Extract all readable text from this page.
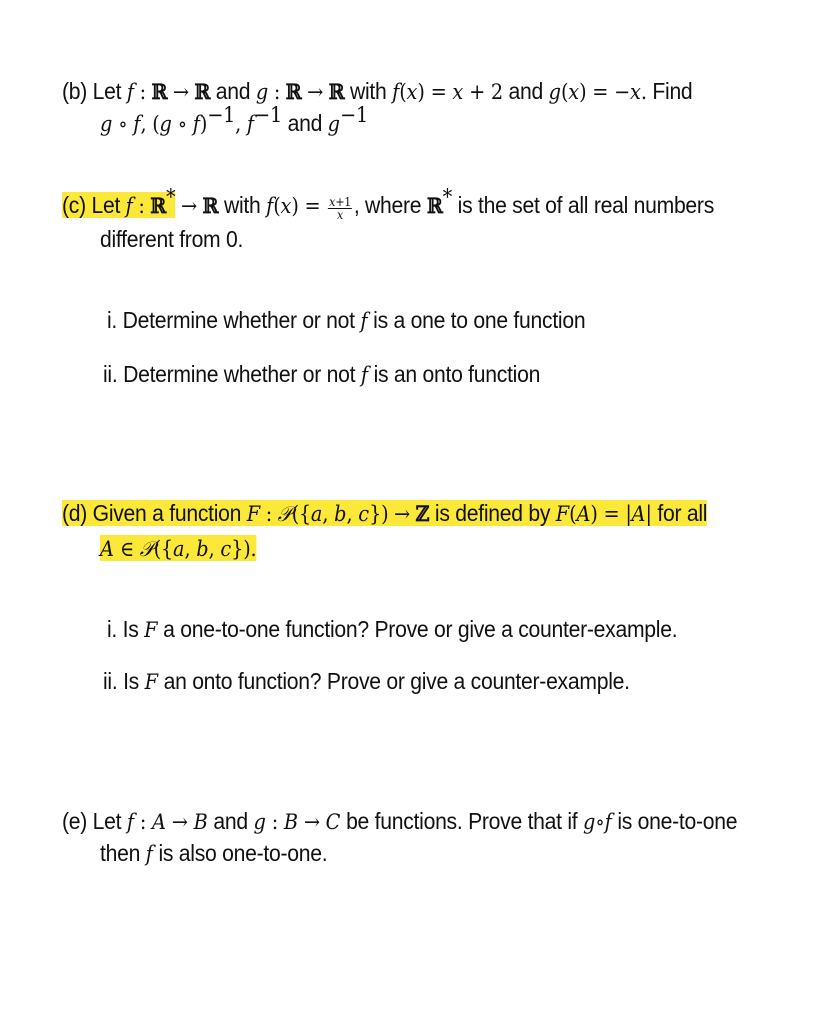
(b) Let f : ℝ → ℝ and g : ℝ → ℝ with f(x) = x + 2 and g(x) = −x. Find
g ∘ f, (g ∘ f)$^{-1}$, $f^{-1}$ and $g^{-1}$
(c) Let f : ℝ* → ℝ with $f(x) = \frac{x+1}{x}$ , where ℝ* is the set of all real numbers
different from 0.
i. Determine whether or not f is a one to one function
ii. Determine whether or not f is an onto function
(d) Given a function F : 𝒫({a, b, c}) → ℤ is defined by F(A) = |A| for all
A ∈ 𝒫({a, b, c}).
i. Is F a one-to-one function? Prove or give a counter-example.
ii. Is F an onto function? Prove or give a counter-example.
(e) Let f : A → B and g : B → C be functions. Prove that if g∘f is one-to-one
then f is also one-to-one.
